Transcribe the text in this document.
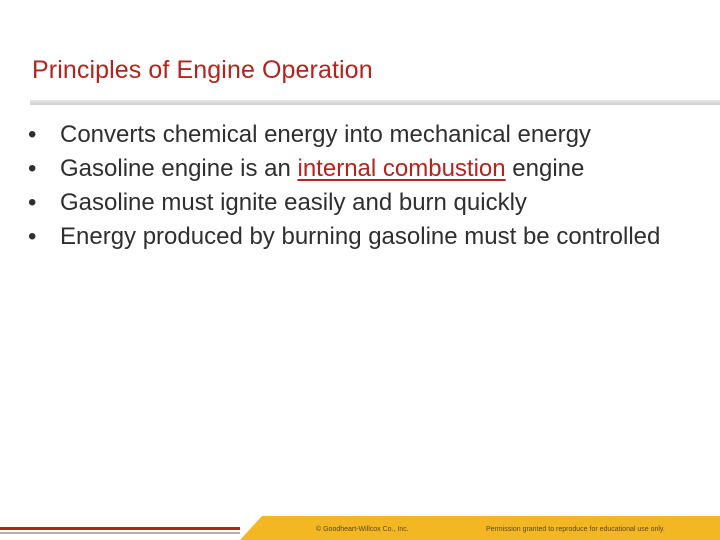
Principles of Engine Operation
• Converts chemical energy into mechanical energy
• Gasoline engine is an internal combustion engine
• Gasoline must ignite easily and burn quickly
• Energy produced by burning gasoline must be controlled
© Goodheart-Willcox Co., Inc.	Permission granted to reproduce for educational use only.
